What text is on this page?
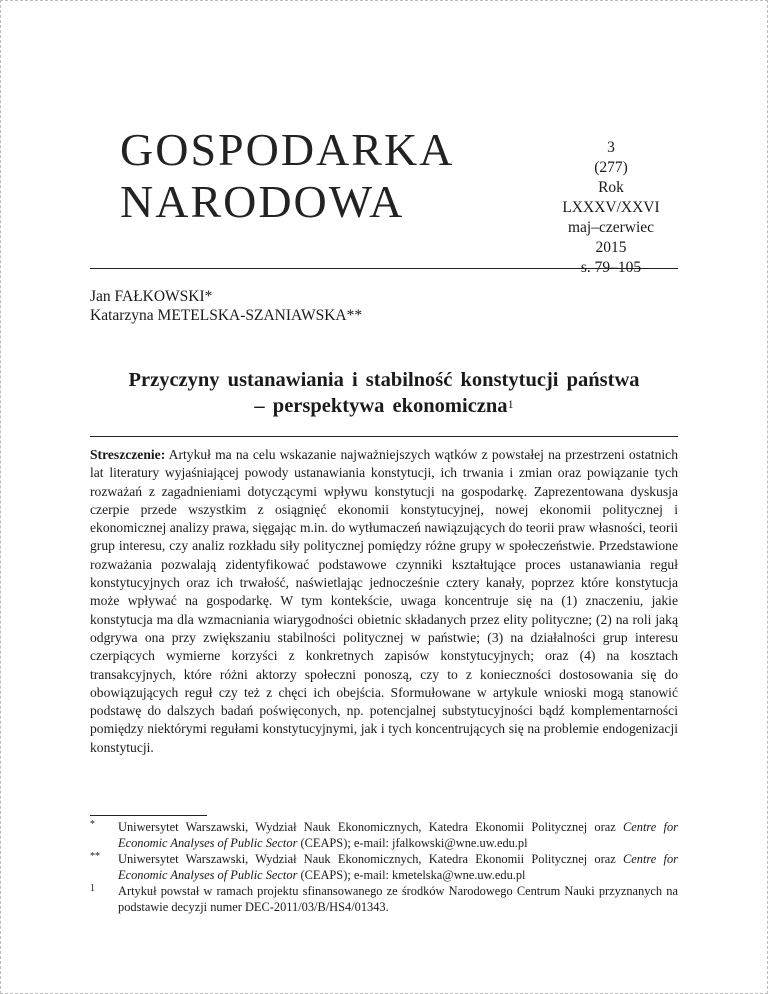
GOSPODARKA
NARODOWA
3
(277)
Rok LXXXV/XXVI
maj–czerwiec
2015
s. 79–105
Jan FAŁKOWSKI*
Katarzyna METELSKA-SZANIAWSKA**
Przyczyny ustanawiania i stabilność konstytucji państwa
– perspektywa ekonomiczna$^1$
Streszczenie: Artykuł ma na celu wskazanie najważniejszych wątków z powstałej na przestrzeni ostatnich lat literatury wyjaśniającej powody ustanawiania konstytucji, ich trwania i zmian oraz powiązanie tych rozważań z zagadnieniami dotyczącymi wpływu konstytucji na gospodarkę. Zaprezentowana dyskusja czerpie przede wszystkim z osiągnięć ekonomii konstytucyjnej, nowej ekonomii politycznej i ekonomicznej analizy prawa, sięgając m.in. do wytłumaczeń nawiązujących do teorii praw własności, teorii grup interesu, czy analiz rozkładu siły politycznej pomiędzy różne grupy w społeczeństwie. Przedstawione rozważania pozwalają zidentyfikować podstawowe czynniki kształtujące proces ustanawiania reguł konstytucyjnych oraz ich trwałość, naświetlając jednocześnie cztery kanały, poprzez które konstytucja może wpływać na gospodarkę. W tym kontekście, uwaga koncentruje się na (1) znaczeniu, jakie konstytucja ma dla wzmacniania wiarygodności obietnic składanych przez elity polityczne; (2) na roli jaką odgrywa ona przy zwiększaniu stabilności politycznej w państwie; (3) na działalności grup interesu czerpiących wymierne korzyści z konkretnych zapisów konstytucyjnych; oraz (4) na kosztach transakcyjnych, które różni aktorzy społeczni ponoszą, czy to z konieczności dostosowania się do obowiązujących reguł czy też z chęci ich obejścia. Sformułowane w artykule wnioski mogą stanowić podstawę do dalszych badań poświęconych, np. potencjalnej substytucyjności bądź komplementarności pomiędzy niektórymi regułami konstytucyjnymi, jak i tych koncentrujących się na problemie endogenizacji konstytucji.
*	Uniwersytet Warszawski, Wydział Nauk Ekonomicznych, Katedra Ekonomii Politycznej oraz Centre for Economic Analyses of Public Sector (CEAPS); e-mail: jfalkowski@wne.uw.edu.pl
**	Uniwersytet Warszawski, Wydział Nauk Ekonomicznych, Katedra Ekonomii Politycznej oraz Centre for Economic Analyses of Public Sector (CEAPS); e-mail: kmetelska@wne.uw.edu.pl
1	Artykuł powstał w ramach projektu sfinansowanego ze środków Narodowego Centrum Nauki przyznanych na podstawie decyzji numer DEC-2011/03/B/HS4/01343.
